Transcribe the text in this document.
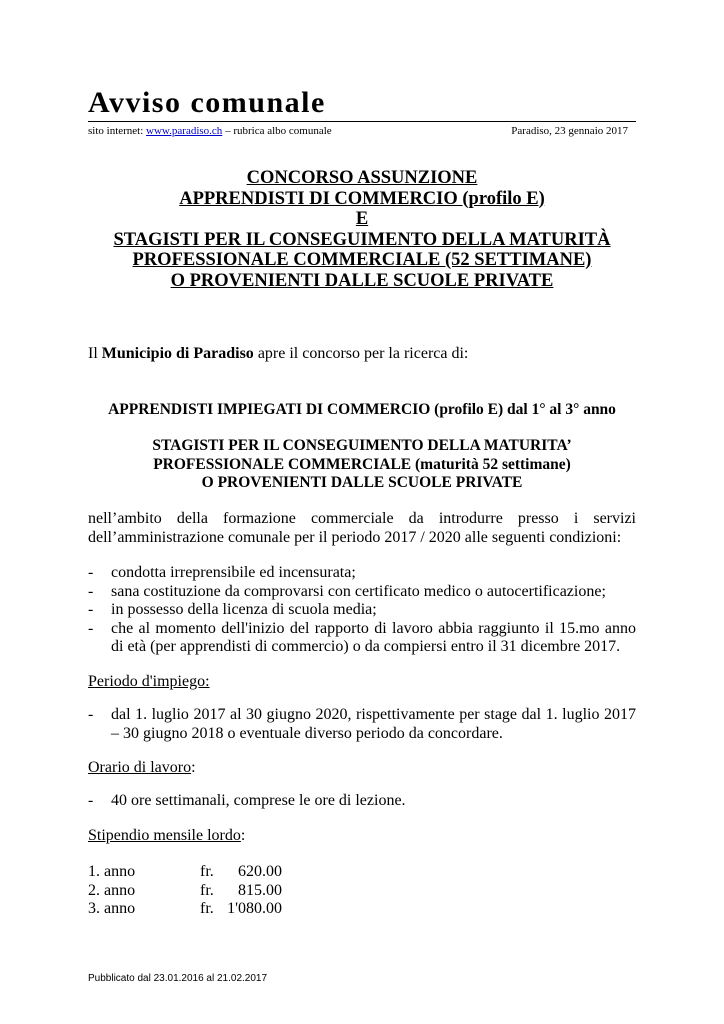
Avviso comunale
sito internet: www.paradiso.ch – rubrica albo comunale	Paradiso, 23 gennaio 2017
CONCORSO ASSUNZIONE
APPRENDISTI DI COMMERCIO (profilo E)
E
STAGISTI PER IL CONSEGUIMENTO DELLA MATURITÀ
PROFESSIONALE COMMERCIALE (52 SETTIMANE)
O PROVENIENTI DALLE SCUOLE PRIVATE
Il Municipio di Paradiso apre il concorso per la ricerca di:
APPRENDISTI IMPIEGATI DI COMMERCIO (profilo E) dal 1° al 3° anno
STAGISTI PER IL CONSEGUIMENTO DELLA MATURITA’
PROFESSIONALE COMMERCIALE (maturità 52 settimane)
O PROVENIENTI DALLE SCUOLE PRIVATE
nell’ambito della formazione commerciale da introdurre presso i servizi
dell’amministrazione comunale per il periodo 2017 / 2020 alle seguenti condizioni:
- condotta irreprensibile ed incensurata;
- sana costituzione da comprovarsi con certificato medico o autocertificazione;
- in possesso della licenza di scuola media;
- che al momento dell'inizio del rapporto di lavoro abbia raggiunto il 15.mo anno di età (per apprendisti di commercio) o da compiersi entro il 31 dicembre 2017.
Periodo d'impiego:
- dal 1. luglio 2017 al 30 giugno 2020, rispettivamente per stage dal 1. luglio 2017 – 30 giugno 2018 o eventuale diverso periodo da concordare.
Orario di lavoro:
- 40 ore settimanali, comprese le ore di lezione.
Stipendio mensile lordo:
1. anno	fr.	620.00
2. anno	fr.	815.00
3. anno	fr.	1'080.00
Pubblicato dal 23.01.2016 al 21.02.2017
